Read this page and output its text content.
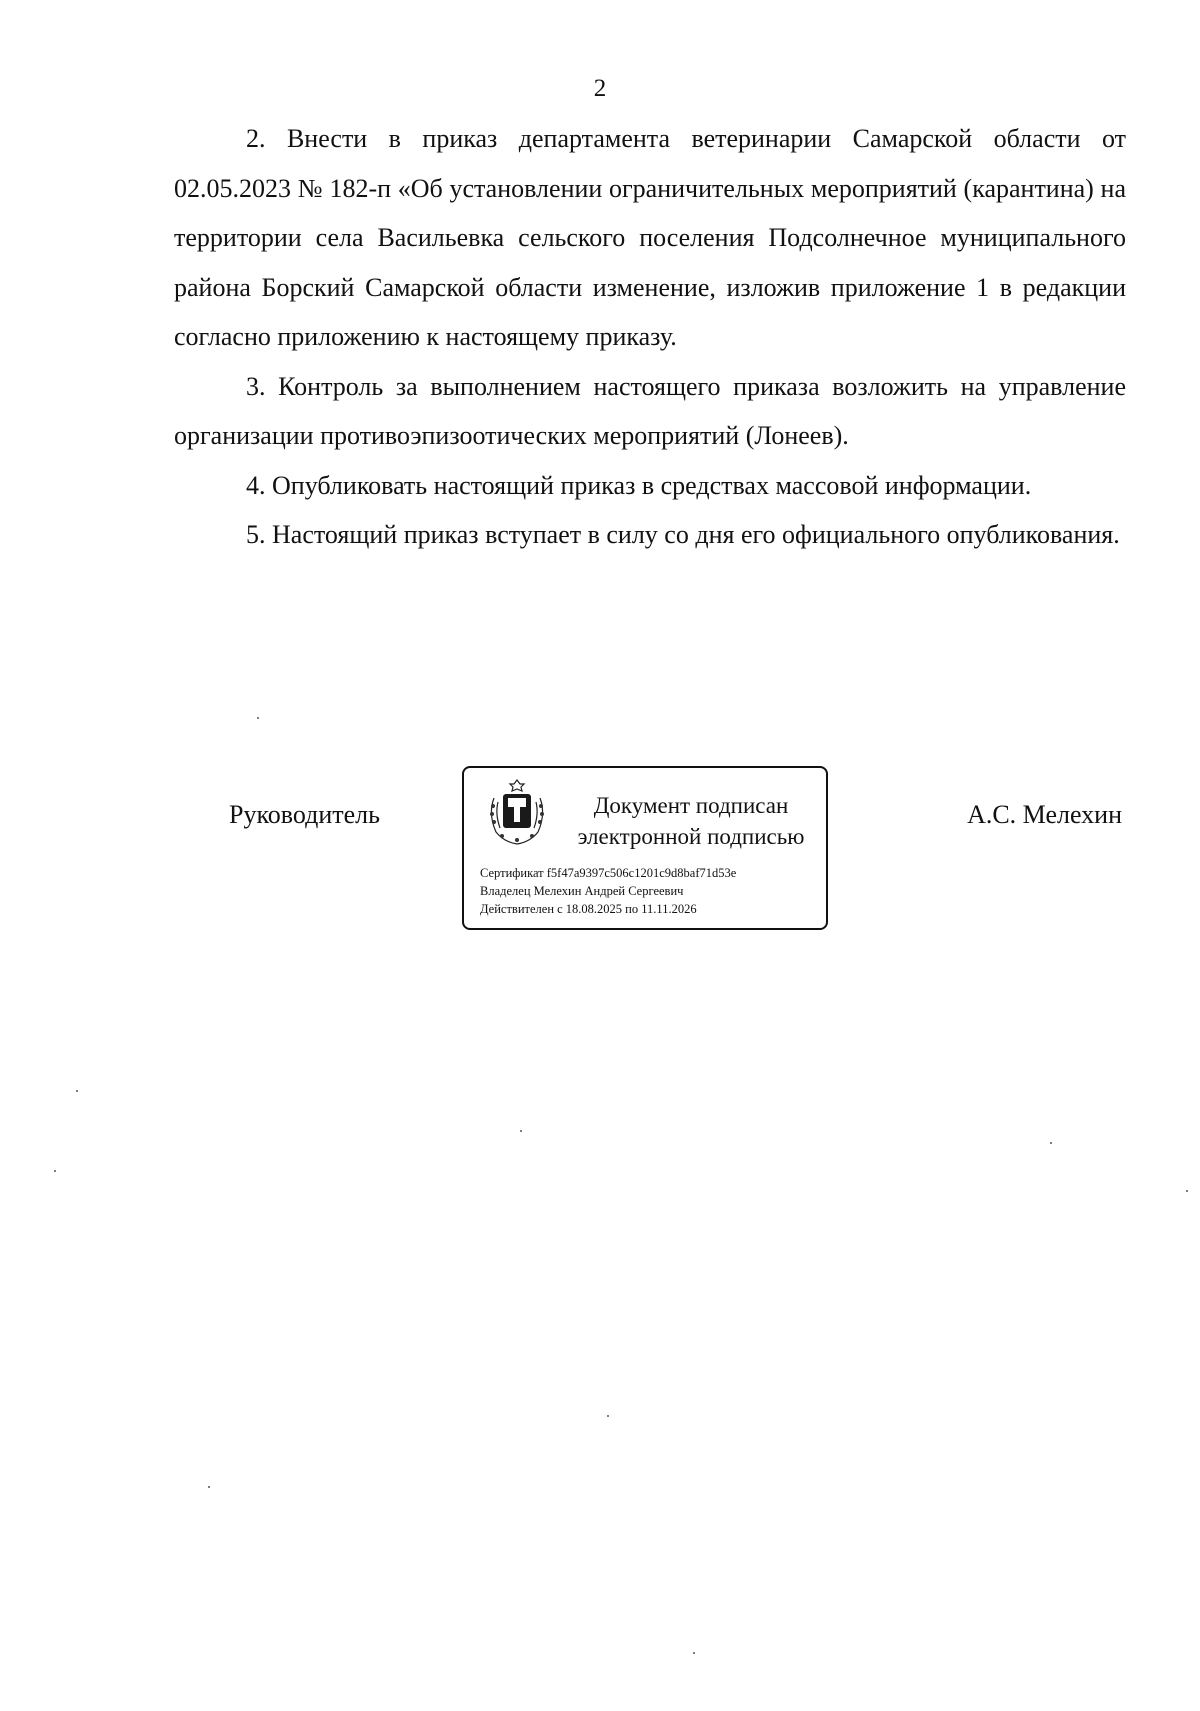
2

2. Внести в приказ департамента ветеринарии Самарской области от 02.05.2023 № 182-п «Об установлении ограничительных мероприятий (карантина) на территории села Васильевка сельского поселения Подсолнечное муниципального района Борский Самарской области изменение, изложив приложение 1 в редакции согласно приложению к настоящему приказу.

3. Контроль за выполнением настоящего приказа возложить на управление организации противоэпизоотических мероприятий (Лонеев).

4. Опубликовать настоящий приказ в средствах массовой информации.

5. Настоящий приказ вступает в силу со дня его официального опубликования.

Руководитель	Документ подписан
электронной подписью
Сертификат f5f47a9397c506c1201c9d8baf71d53e
Владелец Мелехин Андрей Сергеевич
Действителен с 18.08.2025 по 11.11.2026
А.С. Мелехин
